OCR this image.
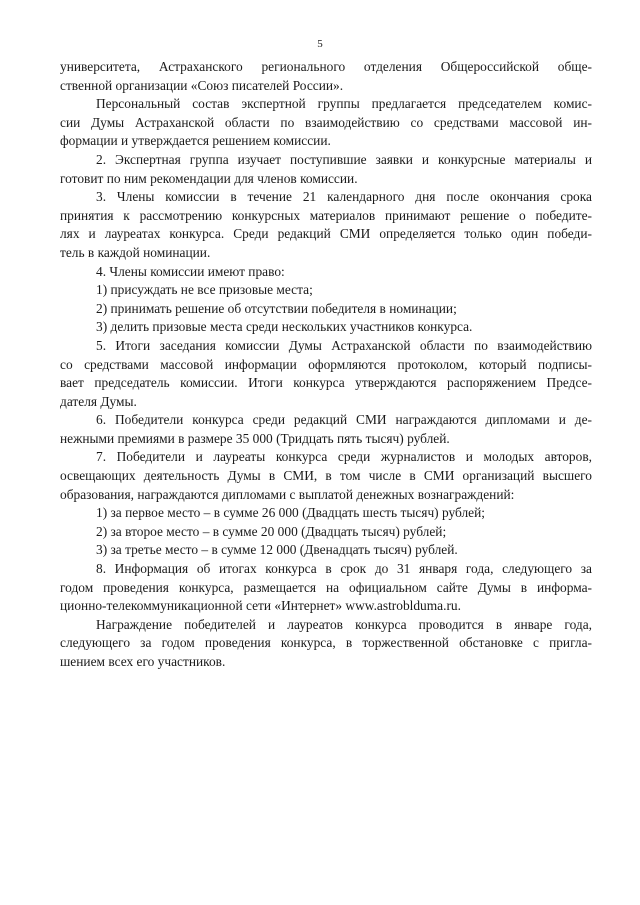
5
университета, Астраханского регионального отделения Общероссийской обще-
ственной организации «Союз писателей России».
Персональный состав экспертной группы предлагается председателем комис-
сии Думы Астраханской области по взаимодействию со средствами массовой ин-
формации и утверждается решением комиссии.
2. Экспертная группа изучает поступившие заявки и конкурсные материалы и
готовит по ним рекомендации для членов комиссии.
3. Члены комиссии в течение 21 календарного дня после окончания срока
принятия к рассмотрению конкурсных материалов принимают решение о победите-
лях и лауреатах конкурса. Среди редакций СМИ определяется только один победи-
тель в каждой номинации.
4. Члены комиссии имеют право:
1) присуждать не все призовые места;
2) принимать решение об отсутствии победителя в номинации;
3) делить призовые места среди нескольких участников конкурса.
5. Итоги заседания комиссии Думы Астраханской области по взаимодействию
со средствами массовой информации оформляются протоколом, который подписы-
вает председатель комиссии. Итоги конкурса утверждаются распоряжением Предсе-
дателя Думы.
6. Победители конкурса среди редакций СМИ награждаются дипломами и де-
нежными премиями в размере 35 000 (Тридцать пять тысяч) рублей.
7. Победители и лауреаты конкурса среди журналистов и молодых авторов,
освещающих деятельность Думы в СМИ, в том числе в СМИ организаций высшего
образования, награждаются дипломами с выплатой денежных вознаграждений:
1) за первое место – в сумме 26 000 (Двадцать шесть тысяч) рублей;
2) за второе место – в сумме 20 000 (Двадцать тысяч) рублей;
3) за третье место – в сумме 12 000 (Двенадцать тысяч) рублей.
8. Информация об итогах конкурса в срок до 31 января года, следующего за
годом проведения конкурса, размещается на официальном сайте Думы в информа-
ционно-телекоммуникационной сети «Интернет» www.astrobldumа.ru.
Награждение победителей и лауреатов конкурса проводится в январе года,
следующего за годом проведения конкурса, в торжественной обстановке с пригла-
шением всех его участников.
